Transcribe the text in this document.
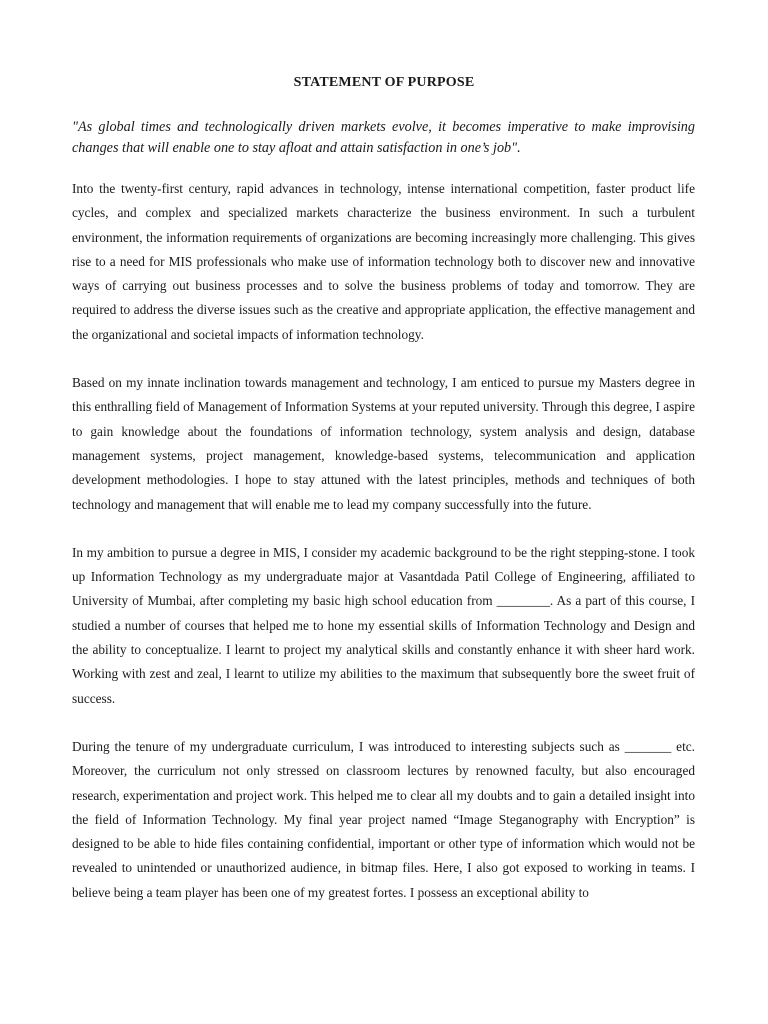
STATEMENT OF PURPOSE

"As global times and technologically driven markets evolve, it becomes imperative to make improvising changes that will enable one to stay afloat and attain satisfaction in one’s job".

Into the twenty-first century, rapid advances in technology, intense international competition, faster product life cycles, and complex and specialized markets characterize the business environment. In such a turbulent environment, the information requirements of organizations are becoming increasingly more challenging. This gives rise to a need for MIS professionals who make use of information technology both to discover new and innovative ways of carrying out business processes and to solve the business problems of today and tomorrow. They are required to address the diverse issues such as the creative and appropriate application, the effective management and the organizational and societal impacts of information technology.

Based on my innate inclination towards management and technology, I am enticed to pursue my Masters degree in this enthralling field of Management of Information Systems at your reputed university. Through this degree, I aspire to gain knowledge about the foundations of information technology, system analysis and design, database management systems, project management, knowledge-based systems, telecommunication and application development methodologies. I hope to stay attuned with the latest principles, methods and techniques of both technology and management that will enable me to lead my company successfully into the future.

In my ambition to pursue a degree in MIS, I consider my academic background to be the right stepping-stone. I took up Information Technology as my undergraduate major at Vasantdada Patil College of Engineering, affiliated to University of Mumbai, after completing my basic high school education from ________. As a part of this course, I studied a number of courses that helped me to hone my essential skills of Information Technology and Design and the ability to conceptualize. I learnt to project my analytical skills and constantly enhance it with sheer hard work. Working with zest and zeal, I learnt to utilize my abilities to the maximum that subsequently bore the sweet fruit of success.

During the tenure of my undergraduate curriculum, I was introduced to interesting subjects such as _______ etc. Moreover, the curriculum not only stressed on classroom lectures by renowned faculty, but also encouraged research, experimentation and project work. This helped me to clear all my doubts and to gain a detailed insight into the field of Information Technology. My final year project named “Image Steganography with Encryption” is designed to be able to hide files containing confidential, important or other type of information which would not be revealed to unintended or unauthorized audience, in bitmap files. Here, I also got exposed to working in teams. I believe being a team player has been one of my greatest fortes. I possess an exceptional ability to
